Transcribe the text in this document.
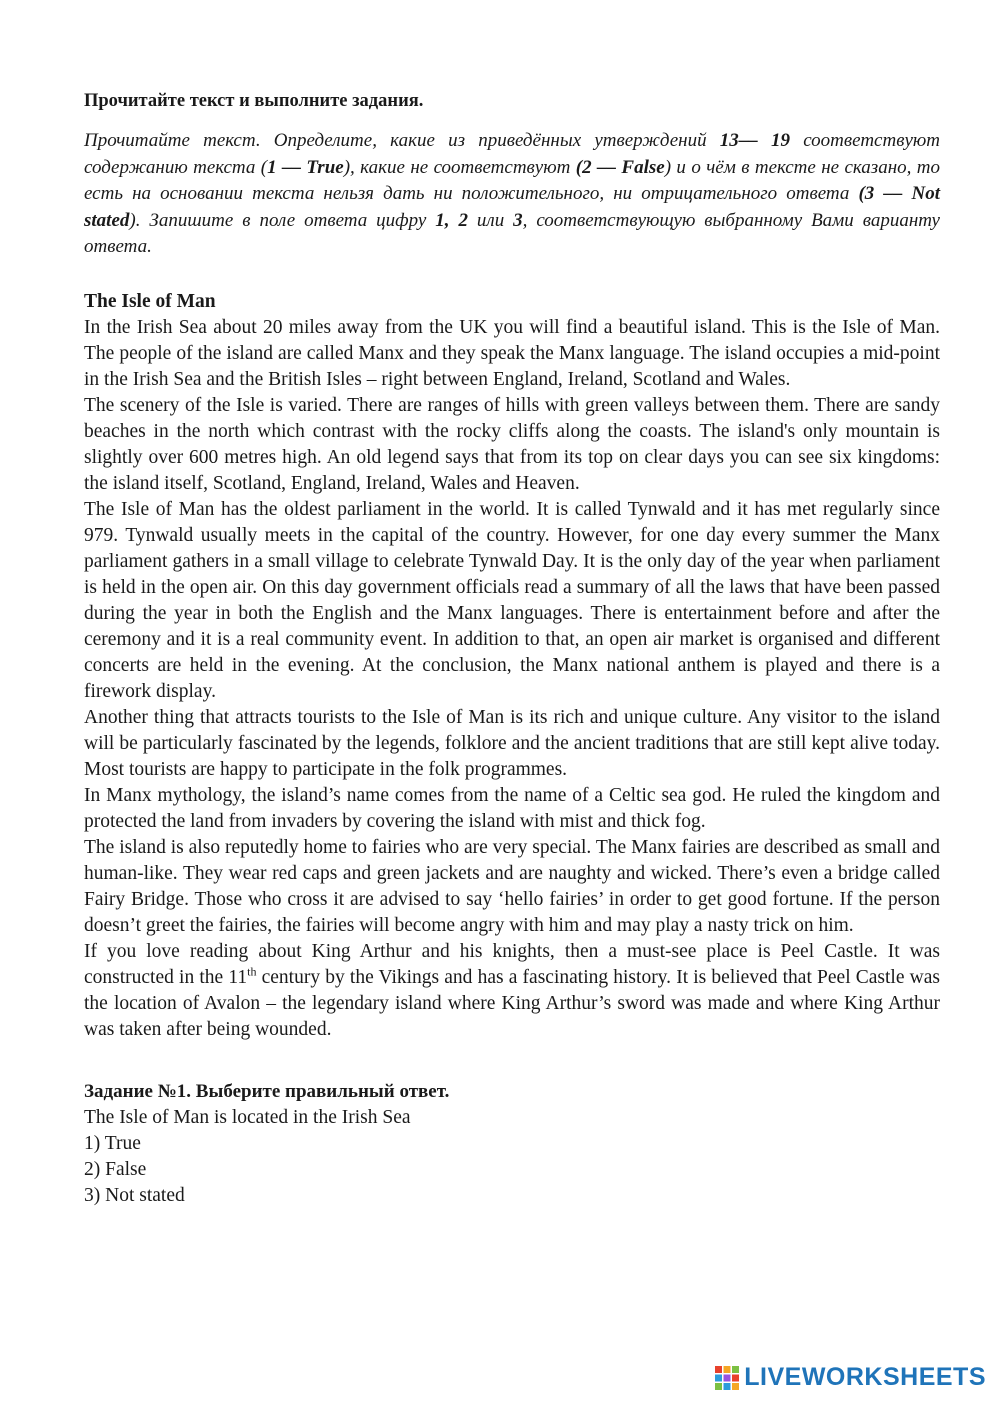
Прочитайте текст и выполните задания.

Прочитайте текст. Определите, какие из приведённых утверждений 13–– 19 соответствуют содержанию текста (1 –– True), какие не соответствуют (2 –– False) и о чём в тексте не сказано, то есть на основании текста нельзя дать ни положительного, ни отрицательного ответа (3 –– Not stated). Запишите в поле ответа цифру 1, 2 или 3, соответствующую выбранному Вами варианту ответа.

The Isle of Man

In the Irish Sea about 20 miles away from the UK you will find a beautiful island. This is the Isle of Man. The people of the island are called Manx and they speak the Manx language. The island occupies a mid-point in the Irish Sea and the British Isles – right between England, Ireland, Scotland and Wales.

The scenery of the Isle is varied. There are ranges of hills with green valleys between them. There are sandy beaches in the north which contrast with the rocky cliffs along the coasts. The island's only mountain is slightly over 600 metres high. An old legend says that from its top on clear days you can see six kingdoms: the island itself, Scotland, England, Ireland, Wales and Heaven.

The Isle of Man has the oldest parliament in the world. It is called Tynwald and it has met regularly since 979. Tynwald usually meets in the capital of the country. However, for one day every summer the Manx parliament gathers in a small village to celebrate Tynwald Day. It is the only day of the year when parliament is held in the open air. On this day government officials read a summary of all the laws that have been passed during the year in both the English and the Manx languages. There is entertainment before and after the ceremony and it is a real community event. In addition to that, an open air market is organised and different concerts are held in the evening. At the conclusion, the Manx national anthem is played and there is a firework display.

Another thing that attracts tourists to the Isle of Man is its rich and unique culture. Any visitor to the island will be particularly fascinated by the legends, folklore and the ancient traditions that are still kept alive today. Most tourists are happy to participate in the folk programmes.

In Manx mythology, the island’s name comes from the name of a Celtic sea god. He ruled the kingdom and protected the land from invaders by covering the island with mist and thick fog.

The island is also reputedly home to fairies who are very special. The Manx fairies are described as small and human-like. They wear red caps and green jackets and are naughty and wicked. There’s even a bridge called Fairy Bridge. Those who cross it are advised to say ‘hello fairies’ in order to get good fortune. If the person doesn’t greet the fairies, the fairies will become angry with him and may play a nasty trick on him.

If you love reading about King Arthur and his knights, then a must-see place is Peel Castle. It was constructed in the 11th century by the Vikings and has a fascinating history. It is believed that Peel Castle was the location of Avalon – the legendary island where King Arthur’s sword was made and where King Arthur was taken after being wounded.

Задание №1. Выберите правильный ответ.

The Isle of Man is located in the Irish Sea

1) True

2) False

3) Not stated

LIVEWORKSHEETS
